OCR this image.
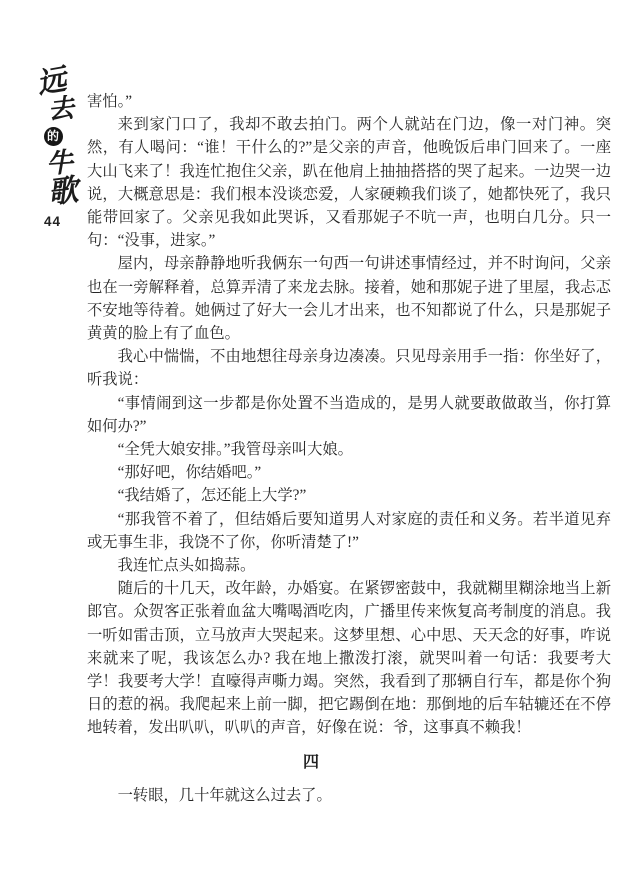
远
去
的
牛
歌
44

害怕。”

来到家门口了，我却不敢去拍门。两个人就站在门边，像一对门神。突然，有人喝问：“谁！干什么的?”是父亲的声音，他晚饭后串门回来了。一座大山飞来了！我连忙抱住父亲，趴在他肩上抽抽搭搭的哭了起来。一边哭一边说，大概意思是：我们根本没谈恋爱，人家硬赖我们谈了，她都快死了，我只能带回家了。父亲见我如此哭诉，又看那妮子不吭一声，也明白几分。只一句：“没事，进家。”

屋内，母亲静静地听我俩东一句西一句讲述事情经过，并不时询问，父亲也在一旁解释着，总算弄清了来龙去脉。接着，她和那妮子进了里屋，我忐忑不安地等待着。她俩过了好大一会儿才出来，也不知都说了什么，只是那妮子黄黄的脸上有了血色。

我心中惴惴，不由地想往母亲身边凑凑。只见母亲用手一指：你坐好了，听我说：

“事情闹到这一步都是你处置不当造成的，是男人就要敢做敢当，你打算如何办?”

“全凭大娘安排。”我管母亲叫大娘。

“那好吧，你结婚吧。”

“我结婚了，怎还能上大学?”

“那我管不着了，但结婚后要知道男人对家庭的责任和义务。若半道见弃或无事生非，我饶不了你，你听清楚了!”

我连忙点头如捣蒜。

随后的十几天，改年龄，办婚宴。在紧锣密鼓中，我就糊里糊涂地当上新郎官。众贺客正张着血盆大嘴喝酒吃肉，广播里传来恢复高考制度的消息。我一听如雷击顶，立马放声大哭起来。这梦里想、心中思、天天念的好事，咋说来就来了呢，我该怎么办? 我在地上撒泼打滚，就哭叫着一句话：我要考大学！我要考大学！直嚎得声嘶力竭。突然，我看到了那辆自行车，都是你个狗日的惹的祸。我爬起来上前一脚，把它踢倒在地：那倒地的后车轱辘还在不停地转着，发出叭叭，叭叭的声音，好像在说：爷，这事真不赖我！

四

一转眼，几十年就这么过去了。
